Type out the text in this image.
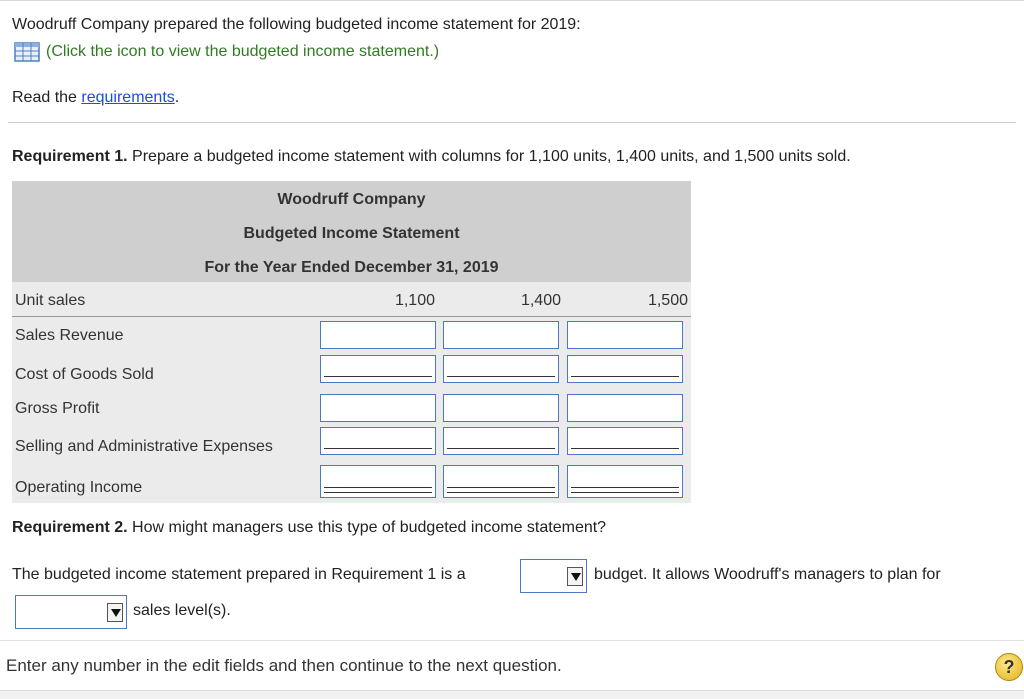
Woodruff Company prepared the following budgeted income statement for 2019:
(Click the icon to view the budgeted income statement.)
Read the requirements.
Requirement 1. Prepare a budgeted income statement with columns for 1,100 units, 1,400 units, and 1,500 units sold.
Woodruff Company
Budgeted Income Statement
For the Year Ended December 31, 2019
Unit sales	1,100	1,400	1,500
Sales Revenue
Cost of Goods Sold
Gross Profit
Selling and Administrative Expenses
Operating Income
Requirement 2. How might managers use this type of budgeted income statement?
The budgeted income statement prepared in Requirement 1 is a	budget. It allows Woodruff's managers to plan for
sales level(s).
Enter any number in the edit fields and then continue to the next question.	?
